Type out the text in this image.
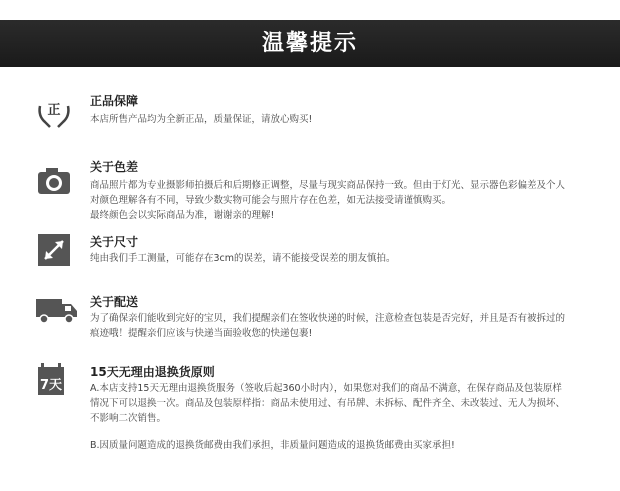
温馨提示
正
正品保障

本店所售产品均为全新正品，质量保证，请放心购买!

关于色差

商品照片都为专业摄影师拍摄后和后期修正调整，尽量与现实商品保持一致。但由于灯光、显示器色彩偏差及个人

对颜色理解各有不同，导致少数实物可能会与照片存在色差，如无法接受请谨慎购买。

最终颜色会以实际商品为准，谢谢亲的理解!

关于尺寸

纯由我们手工测量，可能存在3cm的误差，请不能接受误差的朋友慎拍。

关于配送

为了确保亲们能收到完好的宝贝，我们提醒亲们在签收快递的时候，注意检查包装是否完好，并且是否有被拆过的

痕迹哦！提醒亲们应该与快递当面验收您的快递包裹!

7天
15天无理由退换货原则

A.本店支持15天无理由退换货服务（签收后起360小时内），如果您对我们的商品不满意，在保存商品及包装原样

情况下可以退换一次。商品及包装原样指：商品未使用过、有吊牌、未拆标、配件齐全、未改装过、无人为损坏、

不影响二次销售。

B.因质量问题造成的退换货邮费由我们承担，非质量问题造成的退换货邮费由买家承担!
